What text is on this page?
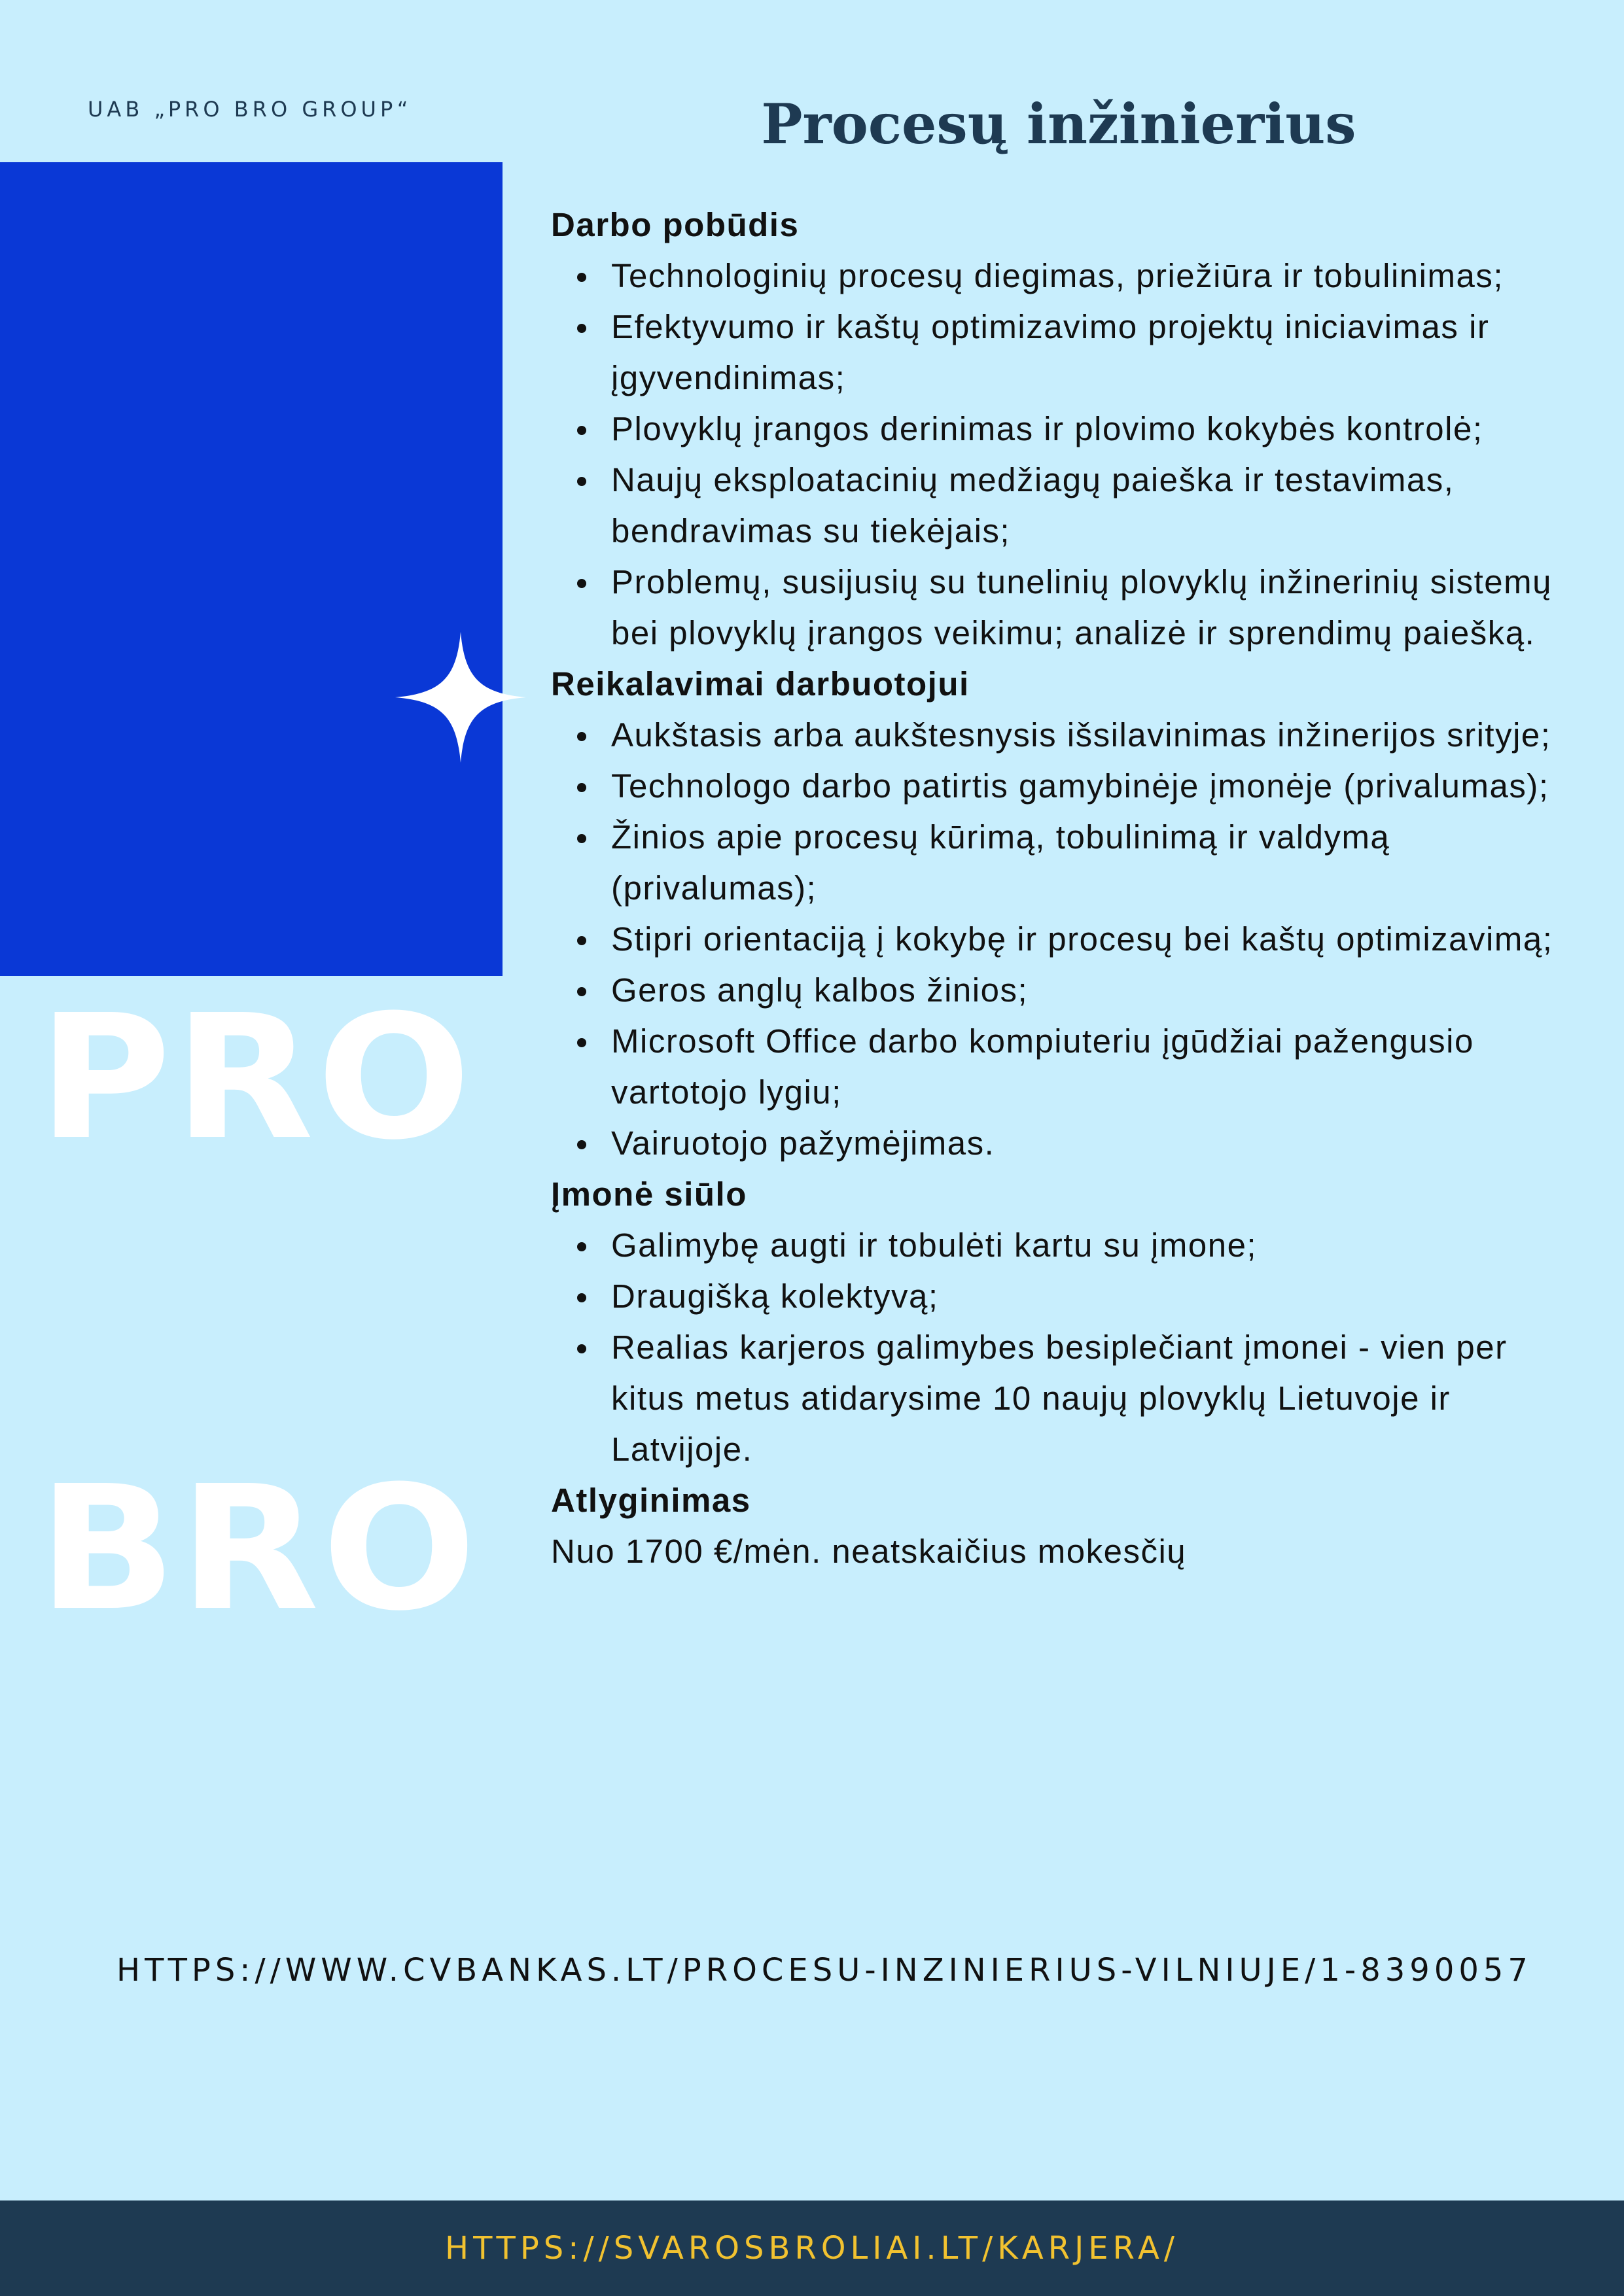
UAB „PRO BRO GROUP“

PRO

BRO

Procesų inžinierius
Darbo pobūdis
Technologinių procesų diegimas, priežiūra ir tobulinimas;
Efektyvumo ir kaštų optimizavimo projektų iniciavimas ir įgyvendinimas;
Plovyklų įrangos derinimas ir plovimo kokybės kontrolė;
Naujų eksploatacinių medžiagų paieška ir testavimas, bendravimas su tiekėjais;
Problemų, susijusių su tunelinių plovyklų inžinerinių sistemų bei plovyklų įrangos veikimu; analizė ir sprendimų paiešką.
Reikalavimai darbuotojui
Aukštasis arba aukštesnysis išsilavinimas inžinerijos srityje;
Technologo darbo patirtis gamybinėje įmonėje (privalumas);
Žinios apie procesų kūrimą, tobulinimą ir valdymą (privalumas);
Stipri orientaciją į kokybę ir procesų bei kaštų optimizavimą;
Geros anglų kalbos žinios;
Microsoft Office darbo kompiuteriu įgūdžiai pažengusio vartotojo lygiu;
Vairuotojo pažymėjimas.
Įmonė siūlo
Galimybę augti ir tobulėti kartu su įmone;
Draugišką kolektyvą;
Realias karjeros galimybes besiplečiant įmonei - vien per kitus metus atidarysime 10 naujų plovyklų Lietuvoje ir Latvijoje.
Atlyginimas
Nuo 1700 €/mėn. neatskaičius mokesčių
HTTPS://WWW.CVBANKAS.LT/PROCESU-INZINIERIUS-VILNIUJE/1-8390057
HTTPS://SVAROSBROLIAI.LT/KARJERA/
